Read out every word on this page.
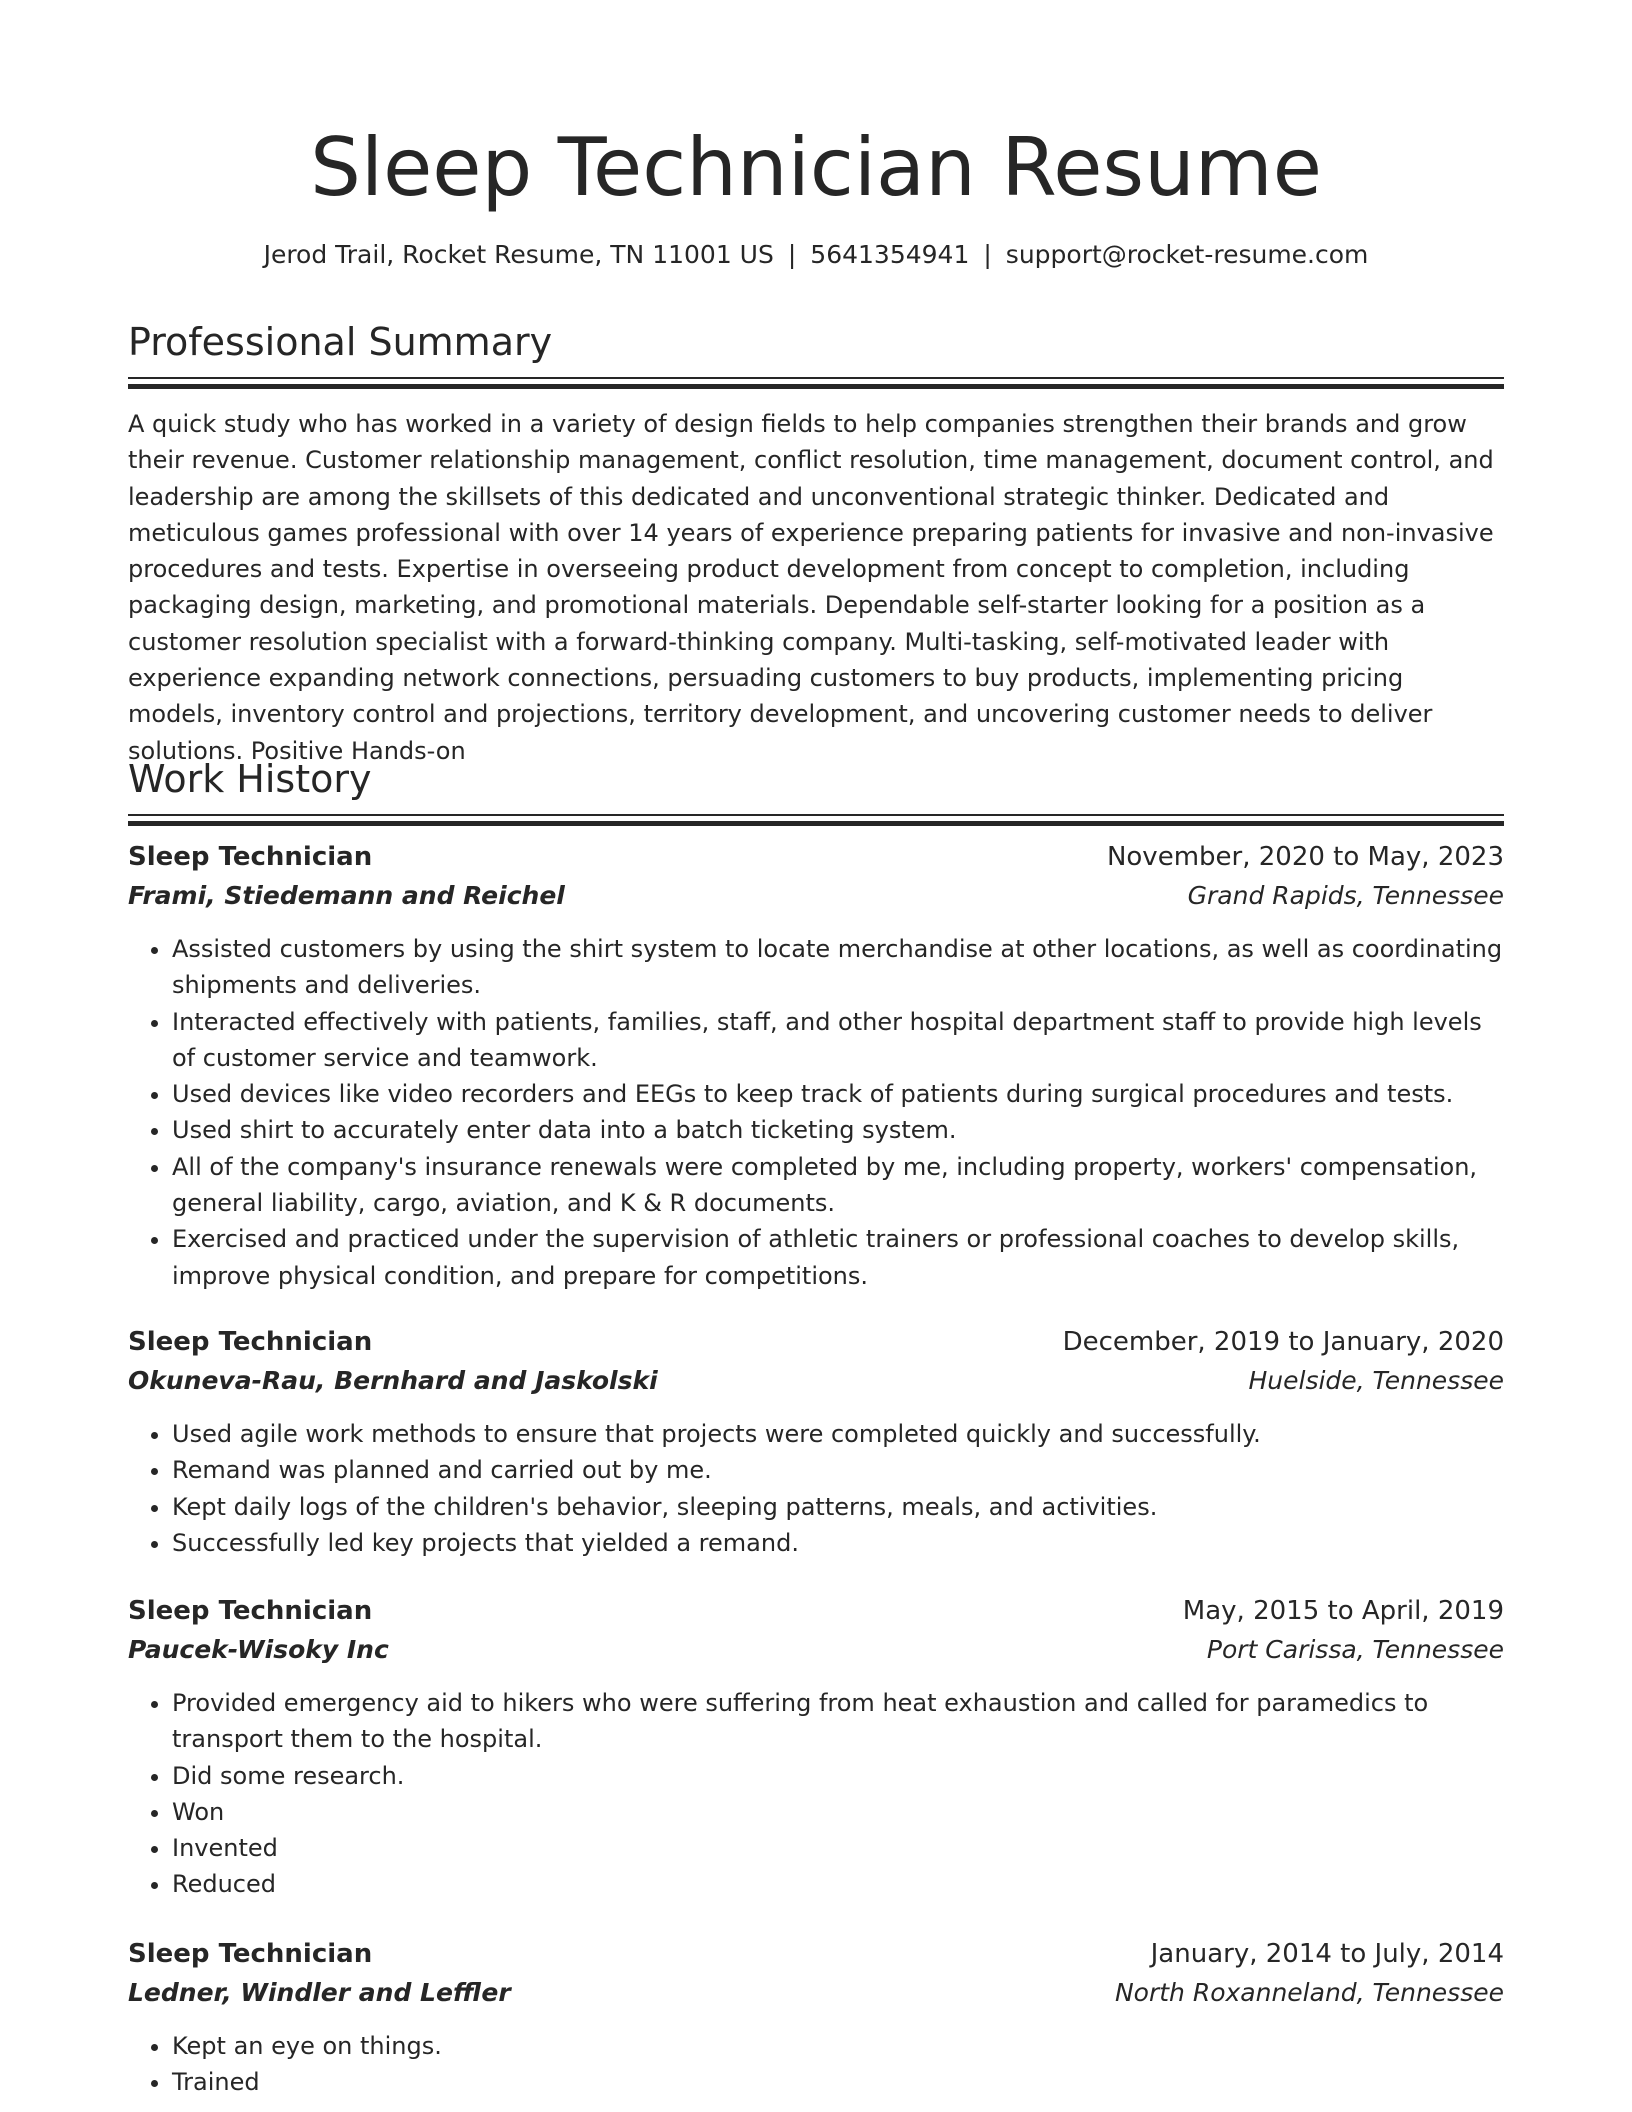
Sleep Technician Resume
Jerod Trail, Rocket Resume, TN 11001 US | 5641354941 | support@rocket-resume.com
Professional Summary

A quick study who has worked in a variety of design fields to help companies strengthen their brands and grow their revenue. Customer relationship management, conflict resolution, time management, document control, and leadership are among the skillsets of this dedicated and unconventional strategic thinker. Dedicated and meticulous games professional with over 14 years of experience preparing patients for invasive and non-invasive procedures and tests. Expertise in overseeing product development from concept to completion, including packaging design, marketing, and promotional materials. Dependable self-starter looking for a position as a customer resolution specialist with a forward-thinking company. Multi-tasking, self-motivated leader with experience expanding network connections, persuading customers to buy products, implementing pricing models, inventory control and projections, territory development, and uncovering customer needs to deliver solutions. Positive Hands-on

Work History
Sleep Technician	November, 2020 to May, 2023
Frami, Stiedemann and Reichel	Grand Rapids, Tennessee
• Assisted customers by using the shirt system to locate merchandise at other locations, as well as coordinating shipments and deliveries.
• Interacted effectively with patients, families, staff, and other hospital department staff to provide high levels of customer service and teamwork.
• Used devices like video recorders and EEGs to keep track of patients during surgical procedures and tests.
• Used shirt to accurately enter data into a batch ticketing system.
• All of the company's insurance renewals were completed by me, including property, workers' compensation, general liability, cargo, aviation, and K & R documents.
• Exercised and practiced under the supervision of athletic trainers or professional coaches to develop skills, improve physical condition, and prepare for competitions.
Sleep Technician	December, 2019 to January, 2020
Okuneva-Rau, Bernhard and Jaskolski	Huelside, Tennessee
• Used agile work methods to ensure that projects were completed quickly and successfully.
• Remand was planned and carried out by me.
• Kept daily logs of the children's behavior, sleeping patterns, meals, and activities.
• Successfully led key projects that yielded a remand.
Sleep Technician	May, 2015 to April, 2019
Paucek-Wisoky Inc	Port Carissa, Tennessee
• Provided emergency aid to hikers who were suffering from heat exhaustion and called for paramedics to transport them to the hospital.
• Did some research.
• Won
• Invented
• Reduced
Sleep Technician	January, 2014 to July, 2014
Ledner, Windler and Leffler	North Roxanneland, Tennessee
• Kept an eye on things.
• Trained
